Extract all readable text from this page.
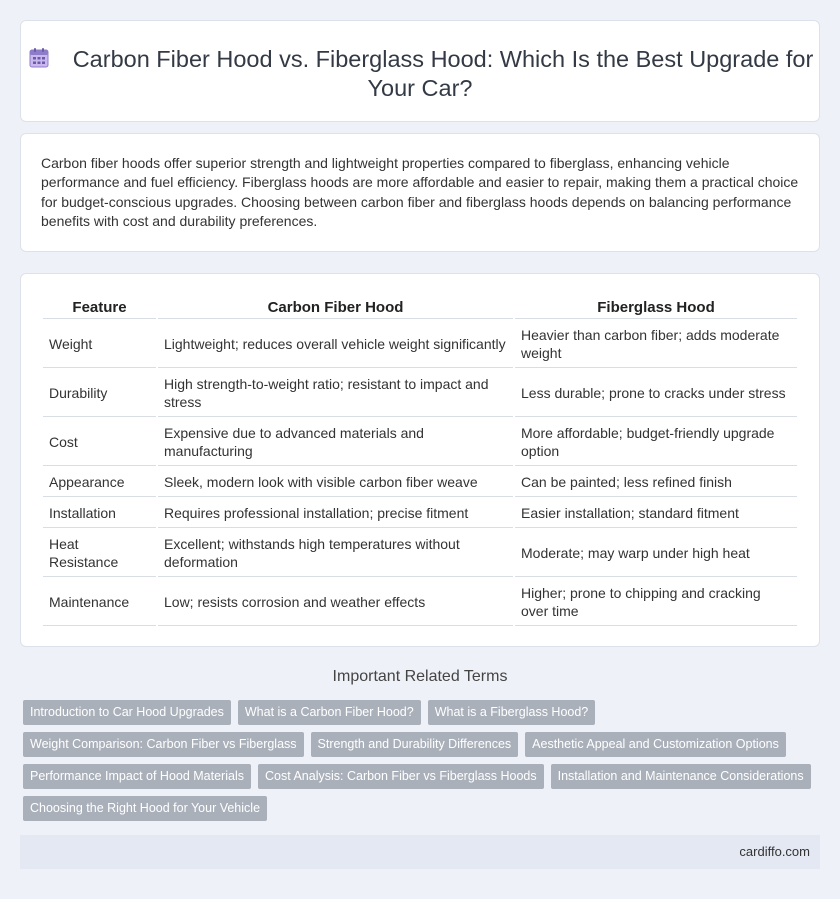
Carbon Fiber Hood vs. Fiberglass Hood: Which Is the Best Upgrade for Your Car?

Carbon fiber hoods offer superior strength and lightweight properties compared to fiberglass, enhancing vehicle performance and fuel efficiency. Fiberglass hoods are more affordable and easier to repair, making them a practical choice for budget-conscious upgrades. Choosing between carbon fiber and fiberglass hoods depends on balancing performance benefits with cost and durability preferences.

Feature	Carbon Fiber Hood	Fiberglass Hood
Weight	Lightweight; reduces overall vehicle weight significantly	Heavier than carbon fiber; adds moderate weight
Durability	High strength-to-weight ratio; resistant to impact and stress	Less durable; prone to cracks under stress
Cost	Expensive due to advanced materials and manufacturing	More affordable; budget-friendly upgrade option
Appearance	Sleek, modern look with visible carbon fiber weave	Can be painted; less refined finish
Installation	Requires professional installation; precise fitment	Easier installation; standard fitment
Heat Resistance	Excellent; withstands high temperatures without deformation	Moderate; may warp under high heat
Maintenance	Low; resists corrosion and weather effects	Higher; prone to chipping and cracking over time
Important Related Terms
Introduction to Car Hood Upgrades	What is a Carbon Fiber Hood?	What is a Fiberglass Hood?
Weight Comparison: Carbon Fiber vs Fiberglass	Strength and Durability Differences	Aesthetic Appeal and Customization Options
Performance Impact of Hood Materials	Cost Analysis: Carbon Fiber vs Fiberglass Hoods	Installation and Maintenance Considerations
Choosing the Right Hood for Your Vehicle
cardiffo.com
